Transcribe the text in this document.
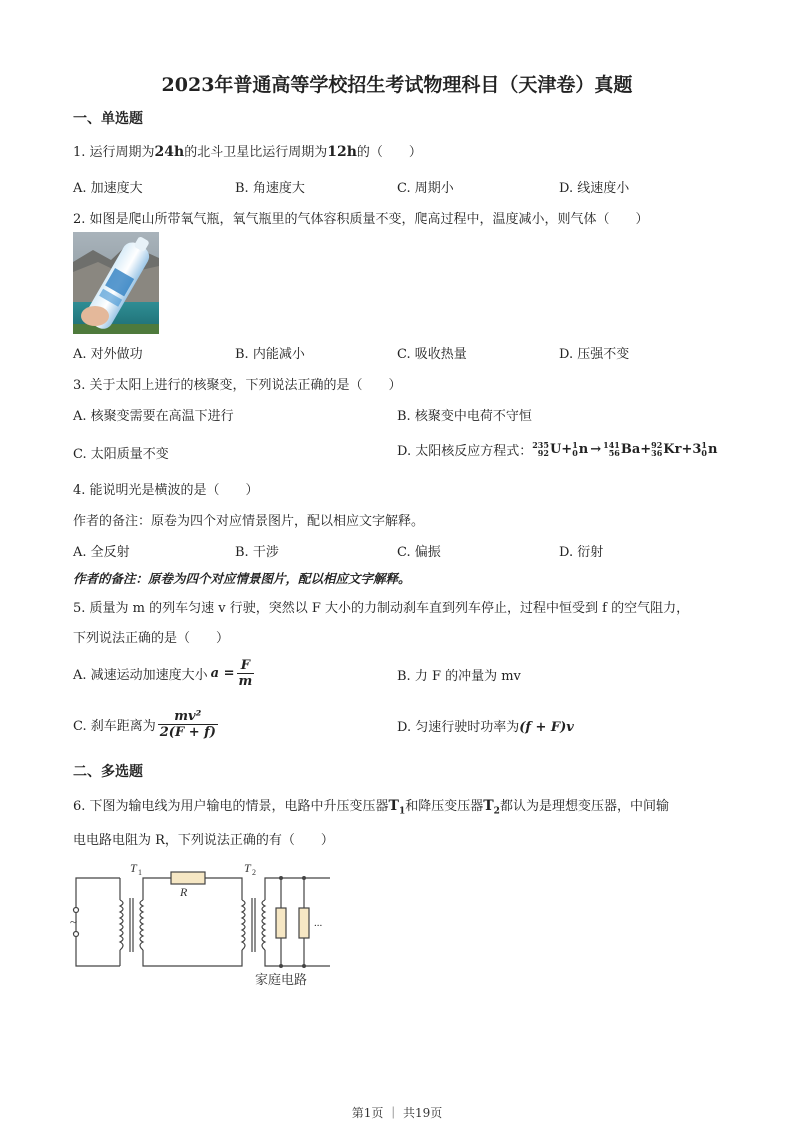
2023年普通高等学校招生考试物理科目（天津卷）真题
一、单选题
1. 运行周期为24h的北斗卫星比运行周期为12h的（　　）
A. 加速度大	B. 角速度大	C. 周期小	D. 线速度小
2. 如图是爬山所带氧气瓶，氧气瓶里的气体容积质量不变，爬高过程中，温度减小，则气体（　　）
A. 对外做功	B. 内能减小	C. 吸收热量	D. 压强不变
3. 关于太阳上进行的核聚变，下列说法正确的是（　　）
A. 核聚变需要在高温下进行	B. 核聚变中电荷不守恒
C. 太阳质量不变	D. 太阳核反应方程式： 235
92 U + 1
0 n → 141
56 Ba + 92
36 Kr + 3 1
0 n
4. 能说明光是横波的是（　　）
作者的备注：原卷为四个对应情景图片，配以相应文字解释。
A. 全反射	B. 干涉	C. 偏振	D. 衍射
作者的备注：原卷为四个对应情景图片，配以相应文字解释。
5. 质量为 m 的列车匀速 v 行驶，突然以 F 大小的力制动刹车直到列车停止，过程中恒受到 f 的空气阻力，
下列说法正确的是（　　）
A. 减速运动加速度大小 $a = \frac{F}{m}$	B. 力 F 的冲量为 mv
C. 刹车距离为 $\frac{\text{mv²}}{2(F + f)}$	D. 匀速行驶时功率为(f + F)v
二、多选题
6. 下图为输电线为用户输电的情景，电路中升压变压器$T_1$和降压变压器$T_2$都认为是理想变压器，中间输
电电路电阻为 R，下列说法正确的有（　　）
~
T 1
R
T 2
...
家庭电路
第1页 ｜ 共19页
